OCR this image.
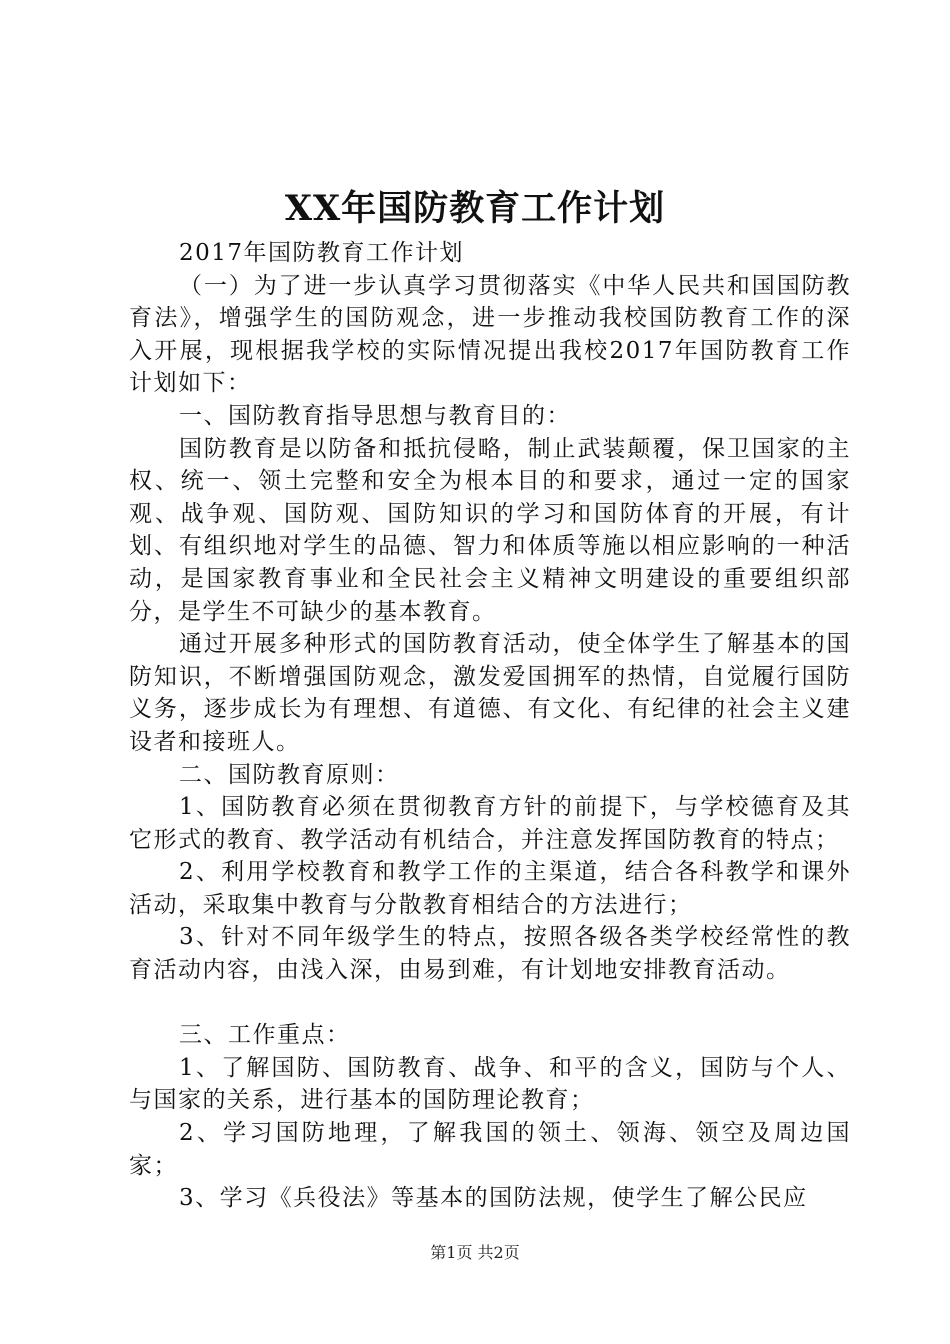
XX年国防教育工作计划

2017年国防教育工作计划

（一）为了进一步认真学习贯彻落实《中华人民共和国国防教育法》，增强学生的国防观念，进一步推动我校国防教育工作的深入开展，现根据我学校的实际情况提出我校2017年国防教育工作计划如下：

一、国防教育指导思想与教育目的：

国防教育是以防备和抵抗侵略，制止武装颠覆，保卫国家的主权、统一、领土完整和安全为根本目的和要求，通过一定的国家观、战争观、国防观、国防知识的学习和国防体育的开展，有计划、有组织地对学生的品德、智力和体质等施以相应影响的一种活动，是国家教育事业和全民社会主义精神文明建设的重要组织部分，是学生不可缺少的基本教育。

通过开展多种形式的国防教育活动，使全体学生了解基本的国防知识，不断增强国防观念，激发爱国拥军的热情，自觉履行国防义务，逐步成长为有理想、有道德、有文化、有纪律的社会主义建设者和接班人。

二、国防教育原则：

1、国防教育必须在贯彻教育方针的前提下，与学校德育及其它形式的教育、教学活动有机结合，并注意发挥国防教育的特点；

2、利用学校教育和教学工作的主渠道，结合各科教学和课外活动，采取集中教育与分散教育相结合的方法进行；

3、针对不同年级学生的特点，按照各级各类学校经常性的教育活动内容，由浅入深，由易到难，有计划地安排教育活动。

三、工作重点：

1、了解国防、国防教育、战争、和平的含义，国防与个人、与国家的关系，进行基本的国防理论教育；

2、学习国防地理，了解我国的领土、领海、领空及周边国家；

3、学习《兵役法》等基本的国防法规，使学生了解公民应

第1页 共2页
